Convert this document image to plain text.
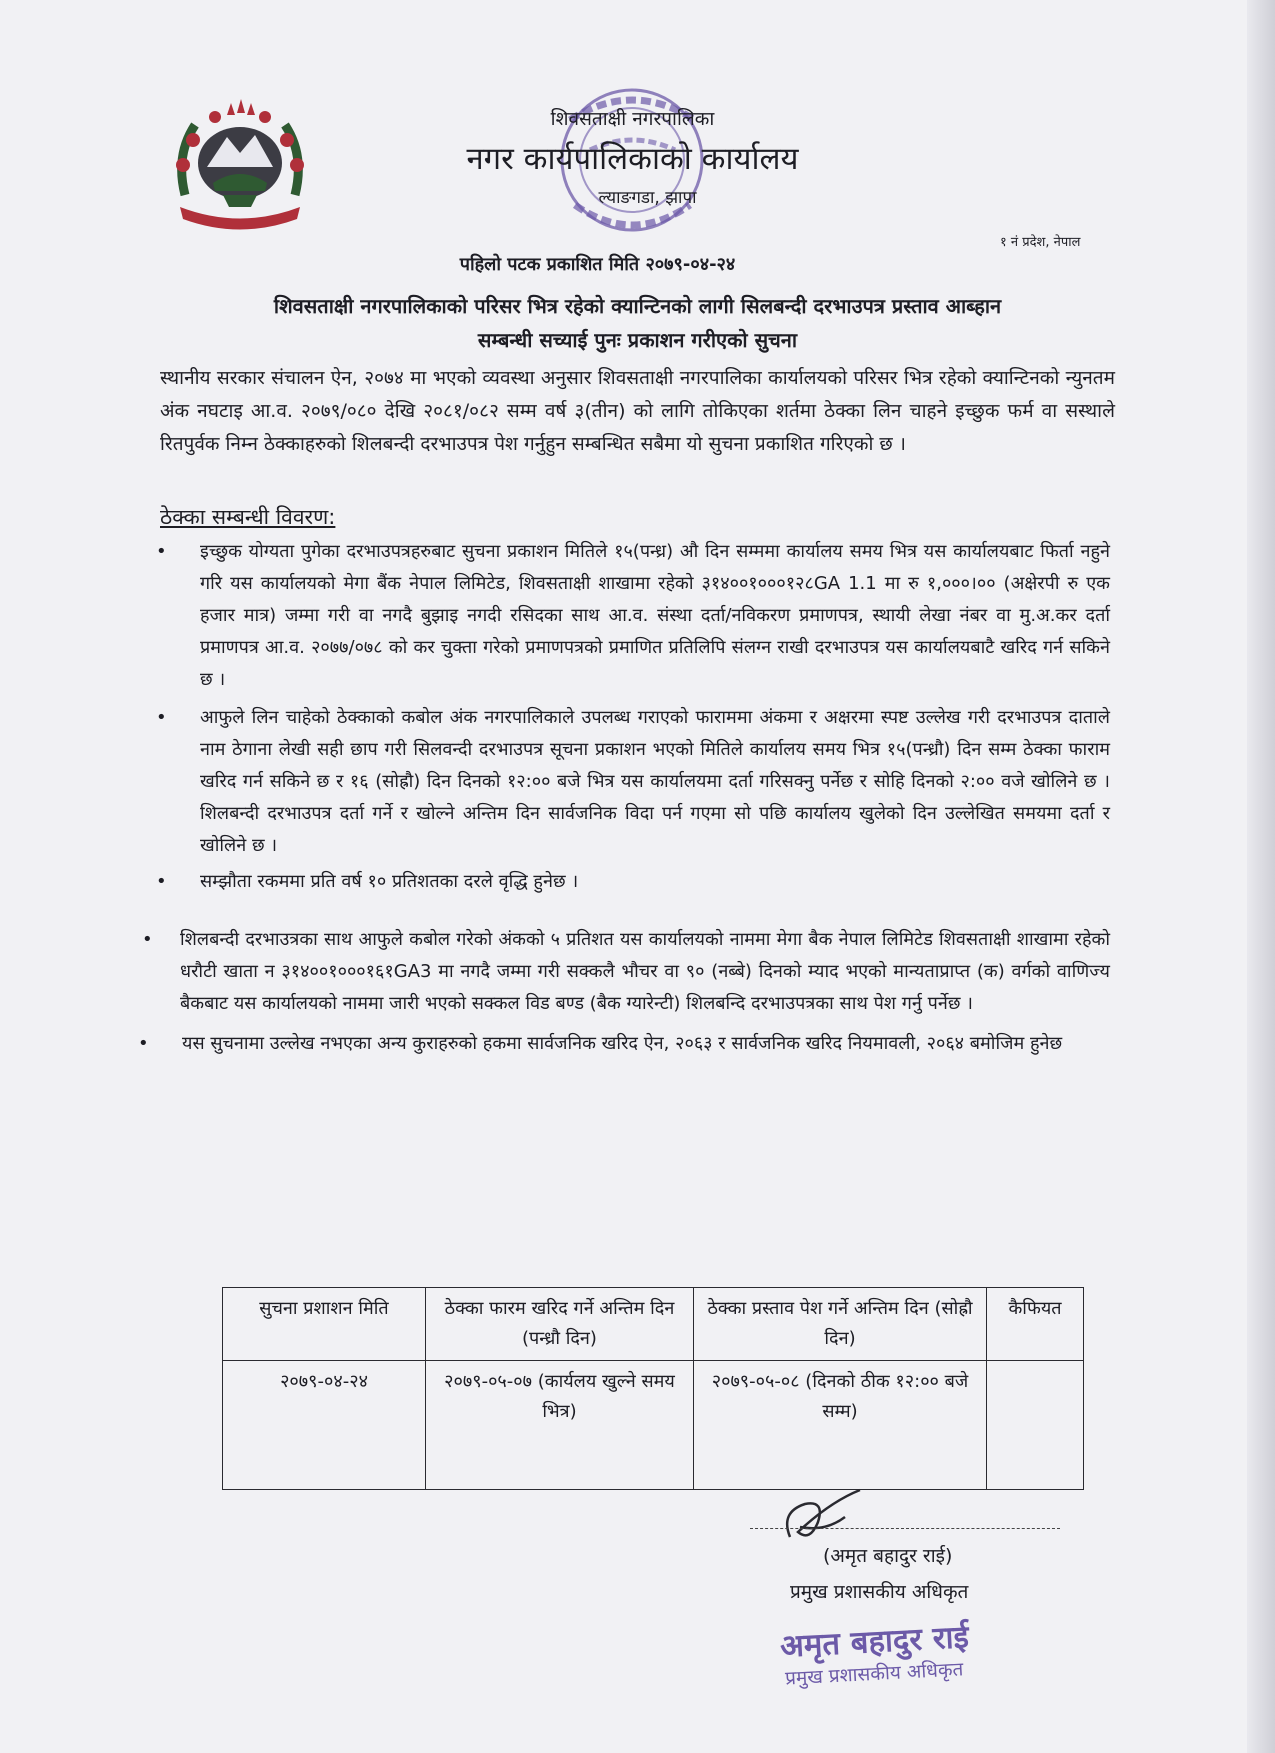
शिवसताक्षी नगरपालिका
नगर कार्यपालिकाको कार्यालय
ल्याङगडा, झापा
१ नं प्रदेश, नेपाल
पहिलो पटक प्रकाशित मिति २०७९-०४-२४
शिवसताक्षी नगरपालिकाको परिसर भित्र रहेको क्यान्टिनको लागी सिलबन्दी दरभाउपत्र प्रस्ताव आब्हान
सम्बन्धी सच्याई पुनः प्रकाशन गरीएको सुचना
स्थानीय सरकार संचालन ऐन, २०७४ मा भएको व्यवस्था अनुसार शिवसताक्षी नगरपालिका कार्यालयको परिसर भित्र रहेको क्यान्टिनको न्युनतम अंक नघटाइ आ.व. २०७९/०८० देखि २०८१/०८२ सम्म वर्ष ३(तीन) को लागि तोकिएका शर्तमा ठेक्का लिन चाहने इच्छुक फर्म वा सस्थाले रितपुर्वक निम्न ठेक्काहरुको शिलबन्दी दरभाउपत्र पेश गर्नुहुन सम्बन्धित सबैमा यो सुचना प्रकाशित गरिएको छ ।
ठेक्का सम्बन्धी विवरण:
• इच्छुक योग्यता पुगेका दरभाउपत्रहरुबाट सुचना प्रकाशन मितिले १५(पन्ध्र) औ दिन सम्ममा कार्यालय समय भित्र यस कार्यालयबाट फिर्ता नहुने गरि यस कार्यालयको मेगा बैंक नेपाल लिमिटेड, शिवसताक्षी शाखामा रहेको ३१४००१०००१२८GA 1.1 मा रु १,०००।०० (अक्षेरपी रु एक हजार मात्र) जम्मा गरी वा नगदै बुझाइ नगदी रसिदका साथ आ.व. संस्था दर्ता/नविकरण प्रमाणपत्र, स्थायी लेखा नंबर वा मु.अ.कर दर्ता प्रमाणपत्र आ.व. २०७७/०७८ को कर चुक्ता गरेको प्रमाणपत्रको प्रमाणित प्रतिलिपि संलग्न राखी दरभाउपत्र यस कार्यालयबाटै खरिद गर्न सकिने छ ।
• आफुले लिन चाहेको ठेक्काको कबोल अंक नगरपालिकाले उपलब्ध गराएको फाराममा अंकमा र अक्षरमा स्पष्ट उल्लेख गरी दरभाउपत्र दाताले नाम ठेगाना लेखी सही छाप गरी सिलवन्दी दरभाउपत्र सूचना प्रकाशन भएको मितिले कार्यालय समय भित्र १५(पन्ध्रौ) दिन सम्म ठेक्का फाराम खरिद गर्न सकिने छ र १६ (सोह्रौ) दिन दिनको १२:०० बजे भित्र यस कार्यालयमा दर्ता गरिसक्नु पर्नेछ र सोहि दिनको २:०० वजे खोलिने छ । शिलबन्दी दरभाउपत्र दर्ता गर्ने र खोल्ने अन्तिम दिन सार्वजनिक विदा पर्न गएमा सो पछि कार्यालय खुलेको दिन उल्लेखित समयमा दर्ता र खोलिने छ ।
• सम्झौता रकममा प्रति वर्ष १० प्रतिशतका दरले वृद्धि हुनेछ ।
• शिलबन्दी दरभाउत्रका साथ आफुले कबोल गरेको अंकको ५ प्रतिशत यस कार्यालयको नाममा मेगा बैक नेपाल लिमिटेड शिवसताक्षी शाखामा रहेको धरौटी खाता न ३१४००१०००१६१GA3 मा नगदै जम्मा गरी सक्कलै भौचर वा ९० (नब्बे) दिनको म्याद भएको मान्यताप्राप्त (क) वर्गको वाणिज्य बैकबाट यस कार्यालयको नाममा जारी भएको सक्कल विड बण्ड (बैक ग्यारेन्टी) शिलबन्दि दरभाउपत्रका साथ पेश गर्नु पर्नेछ ।
• यस सुचनामा उल्लेख नभएका अन्य कुराहरुको हकमा सार्वजनिक खरिद ऐन, २०६३ र सार्वजनिक खरिद नियमावली, २०६४ बमोजिम हुनेछ
सुचना प्रशाशन मिति	ठेक्का फारम खरिद गर्ने अन्तिम दिन (पन्ध्रौ दिन)	ठेक्का प्रस्ताव पेश गर्ने अन्तिम दिन (सोह्रौ दिन)	कैफियत
२०७९-०४-२४	२०७९-०५-०७ (कार्यलय खुल्ने समय भित्र)	२०७९-०५-०८ (दिनको ठीक १२:०० बजे सम्म)	
(अमृत बहादुर राई)
प्रमुख प्रशासकीय अधिकृत
अमृत बहादुर राई
प्रमुख प्रशासकीय अधिकृत
